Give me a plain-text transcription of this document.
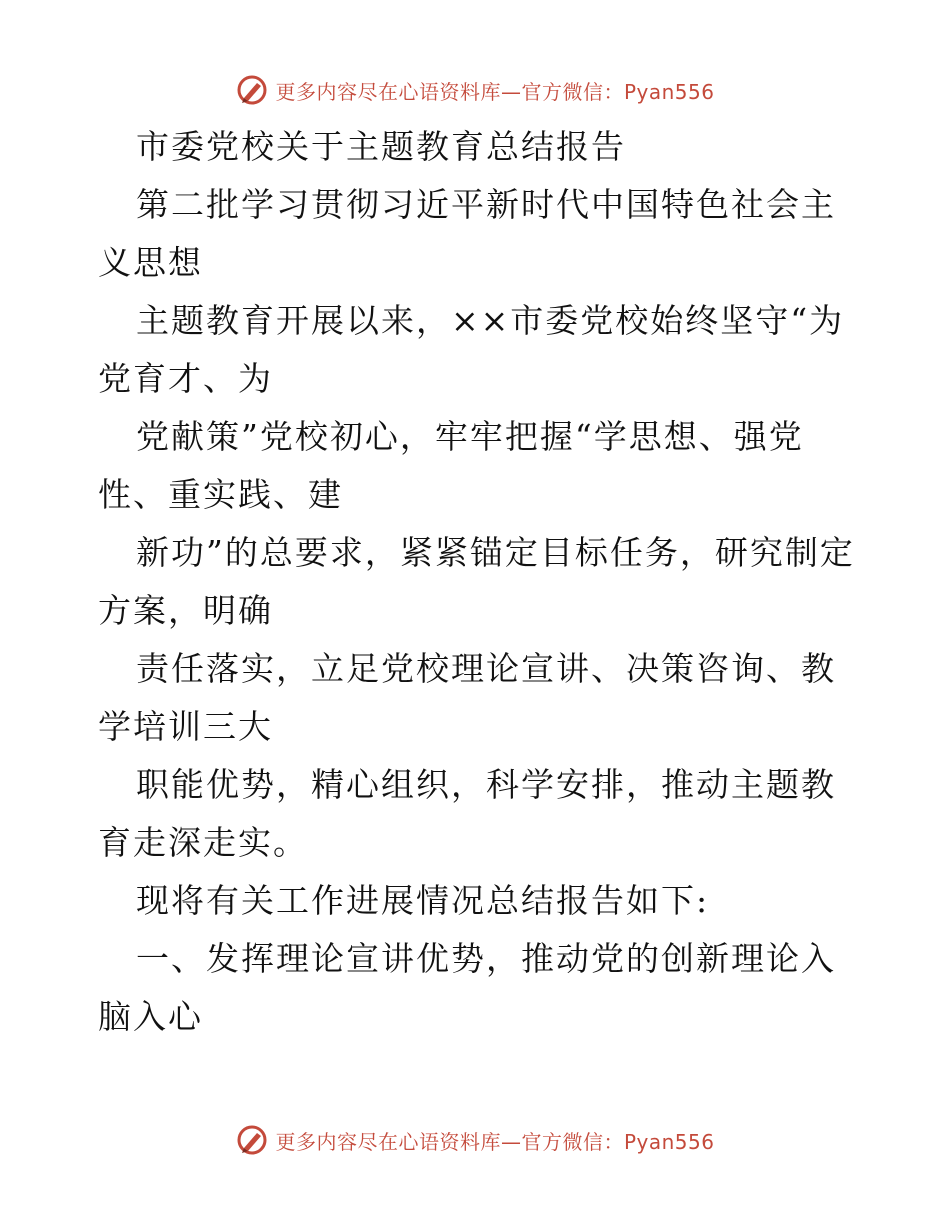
更多内容尽在心语资料库—官方微信：Pyan556

市委党校关于主题教育总结报告

第二批学习贯彻习近平新时代中国特色社会主义思想

主题教育开展以来，××市委党校始终坚守“为党育才、为

党献策”党校初心，牢牢把握“学思想、强党性、重实践、建

新功”的总要求，紧紧锚定目标任务，研究制定方案，明确

责任落实，立足党校理论宣讲、决策咨询、教学培训三大

职能优势，精心组织，科学安排，推动主题教育走深走实。

现将有关工作进展情况总结报告如下:

一、发挥理论宣讲优势，推动党的创新理论入脑入心

更多内容尽在心语资料库—官方微信：Pyan556
